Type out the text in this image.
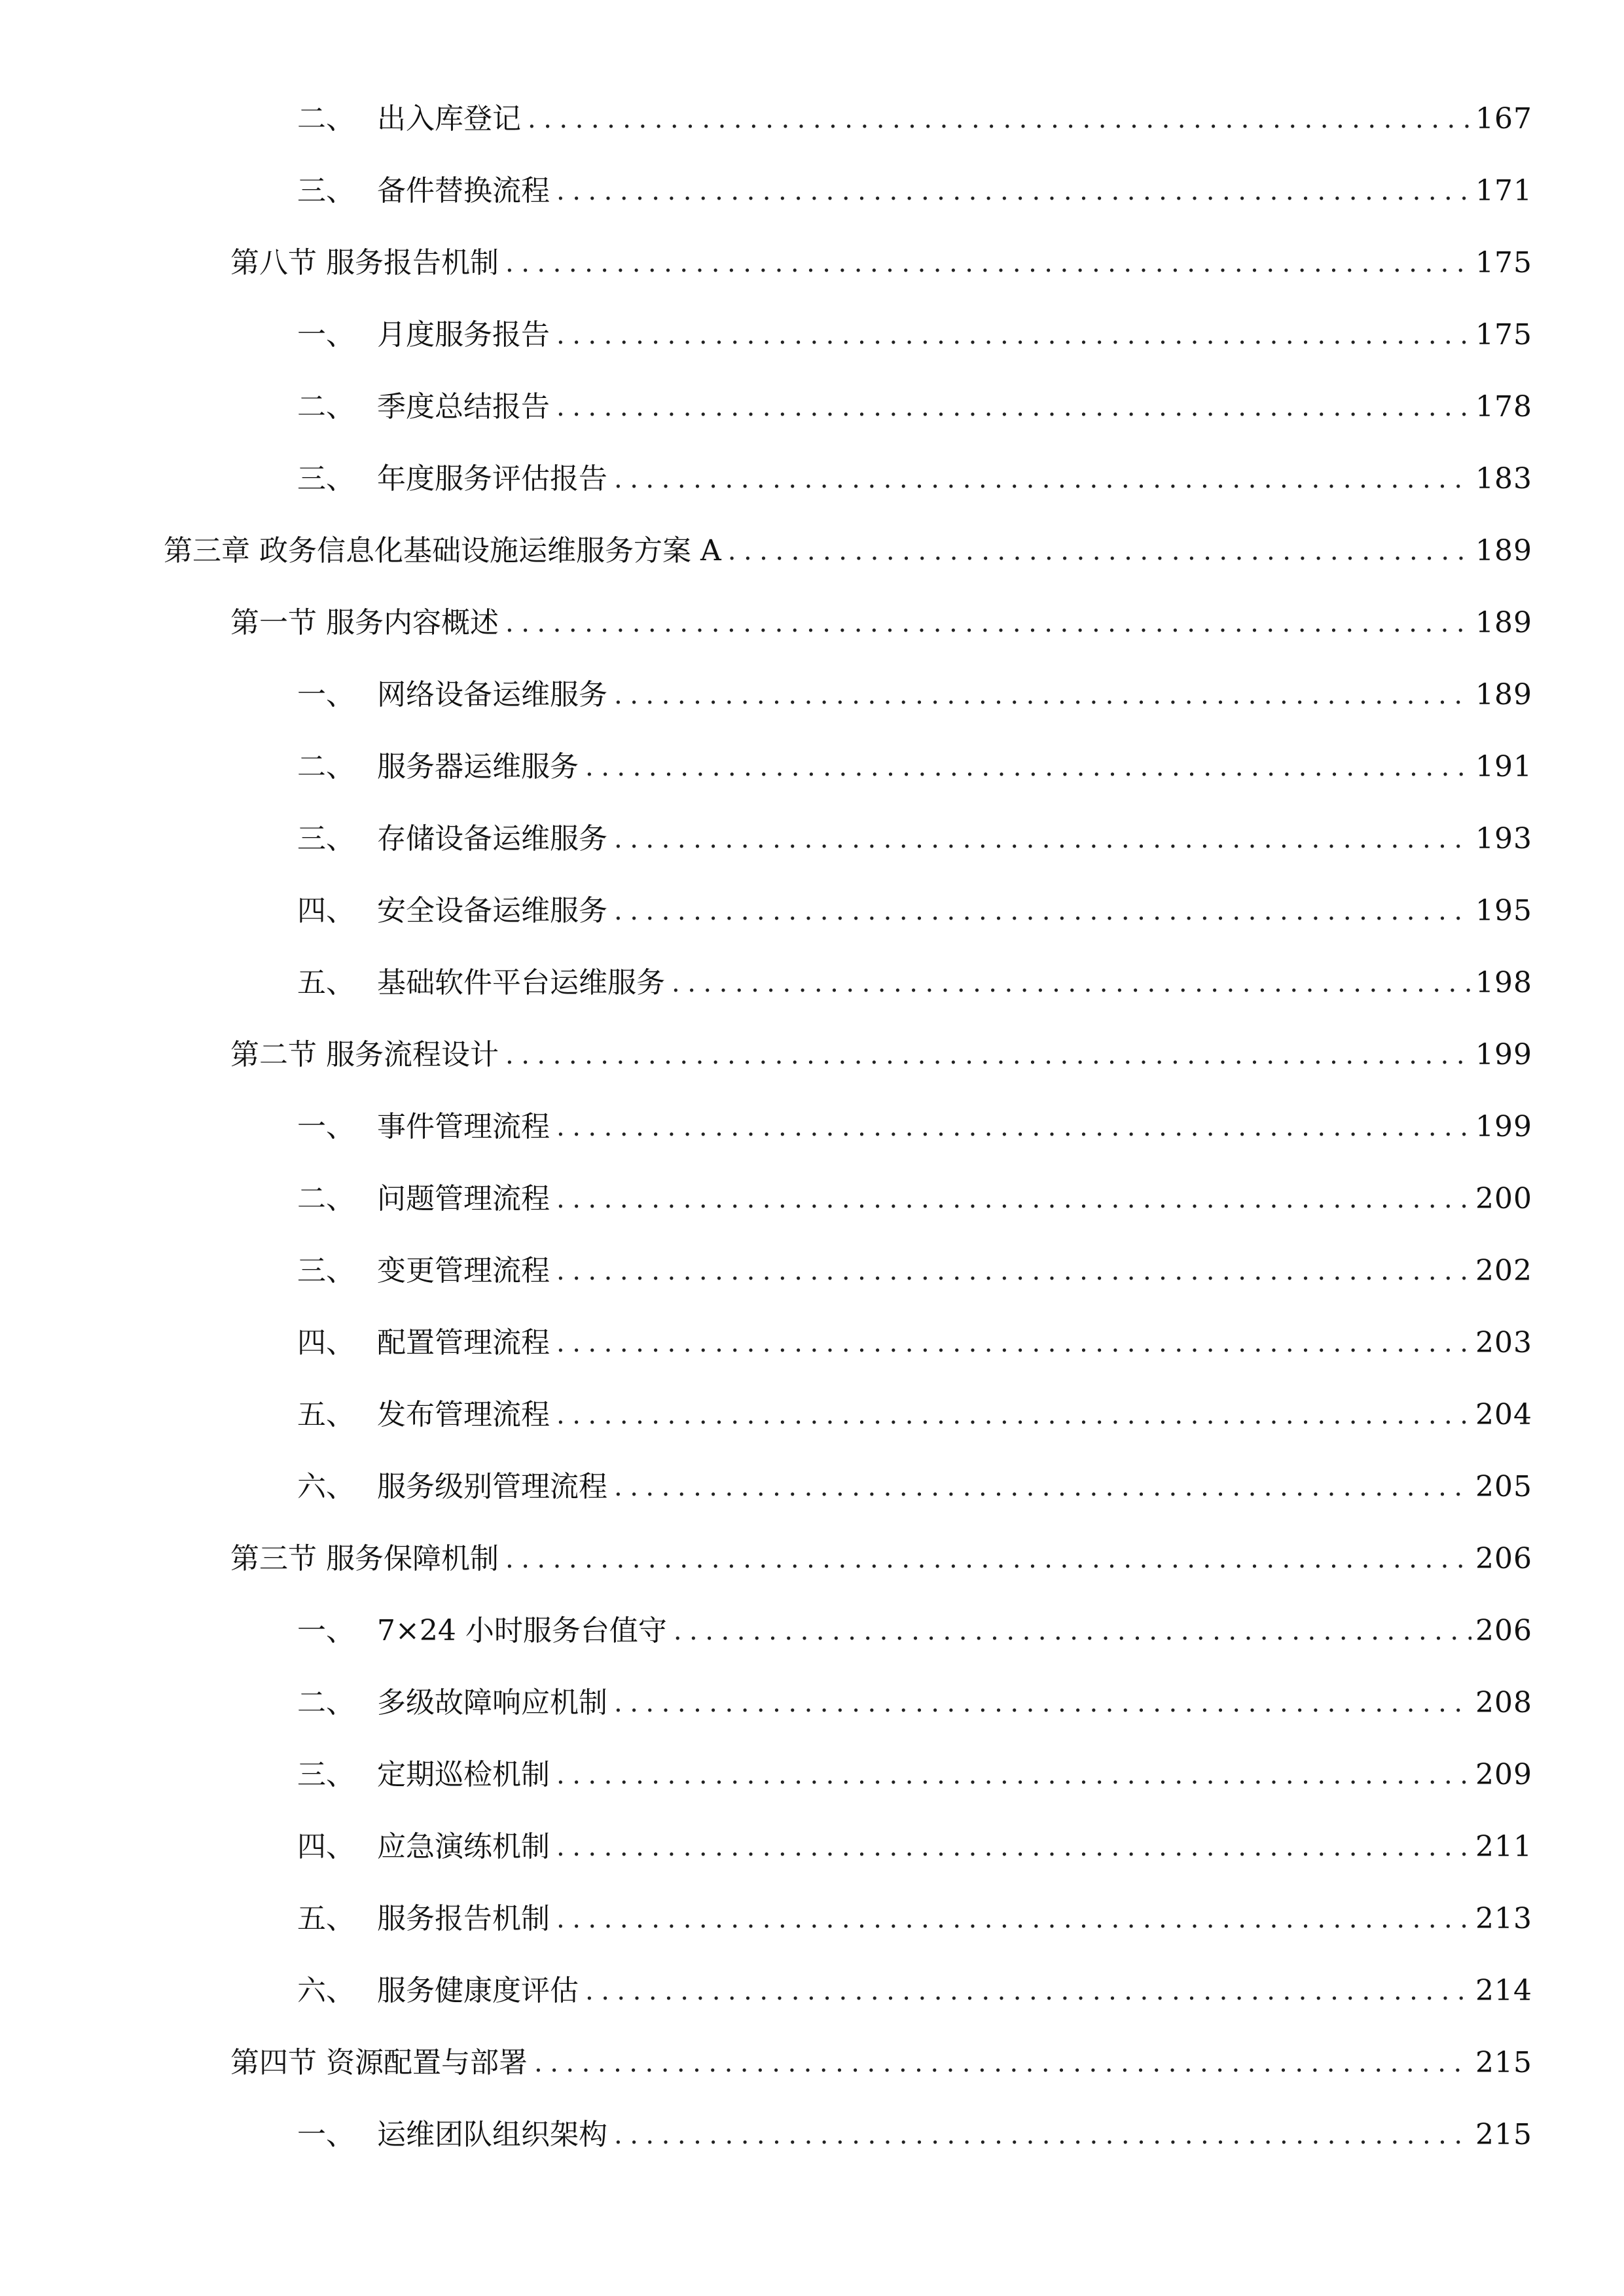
二、 出入库登记 .....	167
三、 备件替换流程 .....	171
第八节 服务报告机制 .....	175
一、 月度服务报告 .....	175
二、 季度总结报告 .....	178
三、 年度服务评估报告 .....	183
第三章 政务信息化基础设施运维服务方案 A .....	189
第一节 服务内容概述 .....	189
一、 网络设备运维服务 .....	189
二、 服务器运维服务 .....	191
三、 存储设备运维服务 .....	193
四、 安全设备运维服务 .....	195
五、 基础软件平台运维服务 .....	198
第二节 服务流程设计 .....	199
一、 事件管理流程 .....	199
二、 问题管理流程 .....	200
三、 变更管理流程 .....	202
四、 配置管理流程 .....	203
五、 发布管理流程 .....	204
六、 服务级别管理流程 .....	205
第三节 服务保障机制 .....	206
一、 7×24 小时服务台值守 .....	206
二、 多级故障响应机制 .....	208
三、 定期巡检机制 .....	209
四、 应急演练机制 .....	211
五、 服务报告机制 .....	213
六、 服务健康度评估 .....	214
第四节 资源配置与部署 .....	215
一、 运维团队组织架构 .....	215
